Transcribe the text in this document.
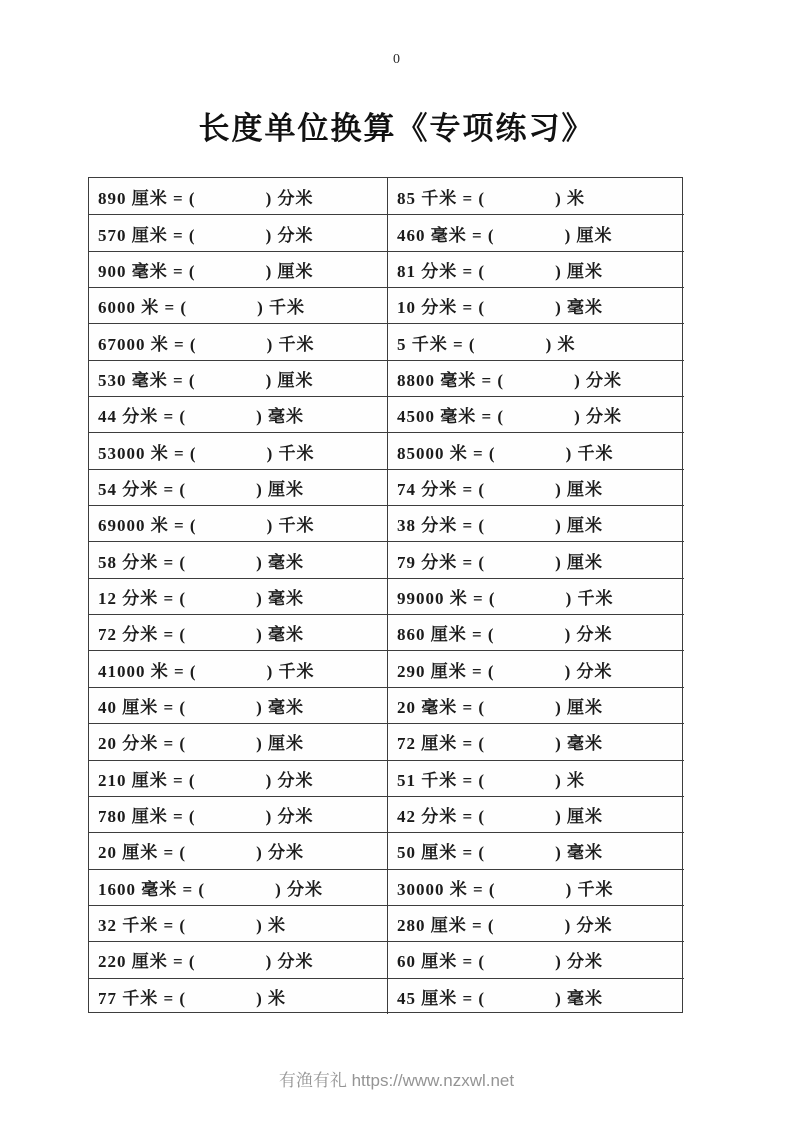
0
长度单位换算《专项练习》
890 厘米 = (	) 分米	85 千米 = (	) 米
570 厘米 = (	) 分米	460 毫米 = (	) 厘米
900 毫米 = (	) 厘米	81 分米 = (	) 厘米
6000 米 = (	) 千米	10 分米 = (	) 毫米
67000 米 = (	) 千米	5 千米 = (	) 米
530 毫米 = (	) 厘米	8800 毫米 = (	) 分米
44 分米 = (	) 毫米	4500 毫米 = (	) 分米
53000 米 = (	) 千米	85000 米 = (	) 千米
54 分米 = (	) 厘米	74 分米 = (	) 厘米
69000 米 = (	) 千米	38 分米 = (	) 厘米
58 分米 = (	) 毫米	79 分米 = (	) 厘米
12 分米 = (	) 毫米	99000 米 = (	) 千米
72 分米 = (	) 毫米	860 厘米 = (	) 分米
41000 米 = (	) 千米	290 厘米 = (	) 分米
40 厘米 = (	) 毫米	20 毫米 = (	) 厘米
20 分米 = (	) 厘米	72 厘米 = (	) 毫米
210 厘米 = (	) 分米	51 千米 = (	) 米
780 厘米 = (	) 分米	42 分米 = (	) 厘米
20 厘米 = (	) 分米	50 厘米 = (	) 毫米
1600 毫米 = (	) 分米	30000 米 = (	) 千米
32 千米 = (	) 米	280 厘米 = (	) 分米
220 厘米 = (	) 分米	60 厘米 = (	) 分米
77 千米 = (	) 米	45 厘米 = (	) 毫米
有渔有礼 https://www.nzxwl.net
